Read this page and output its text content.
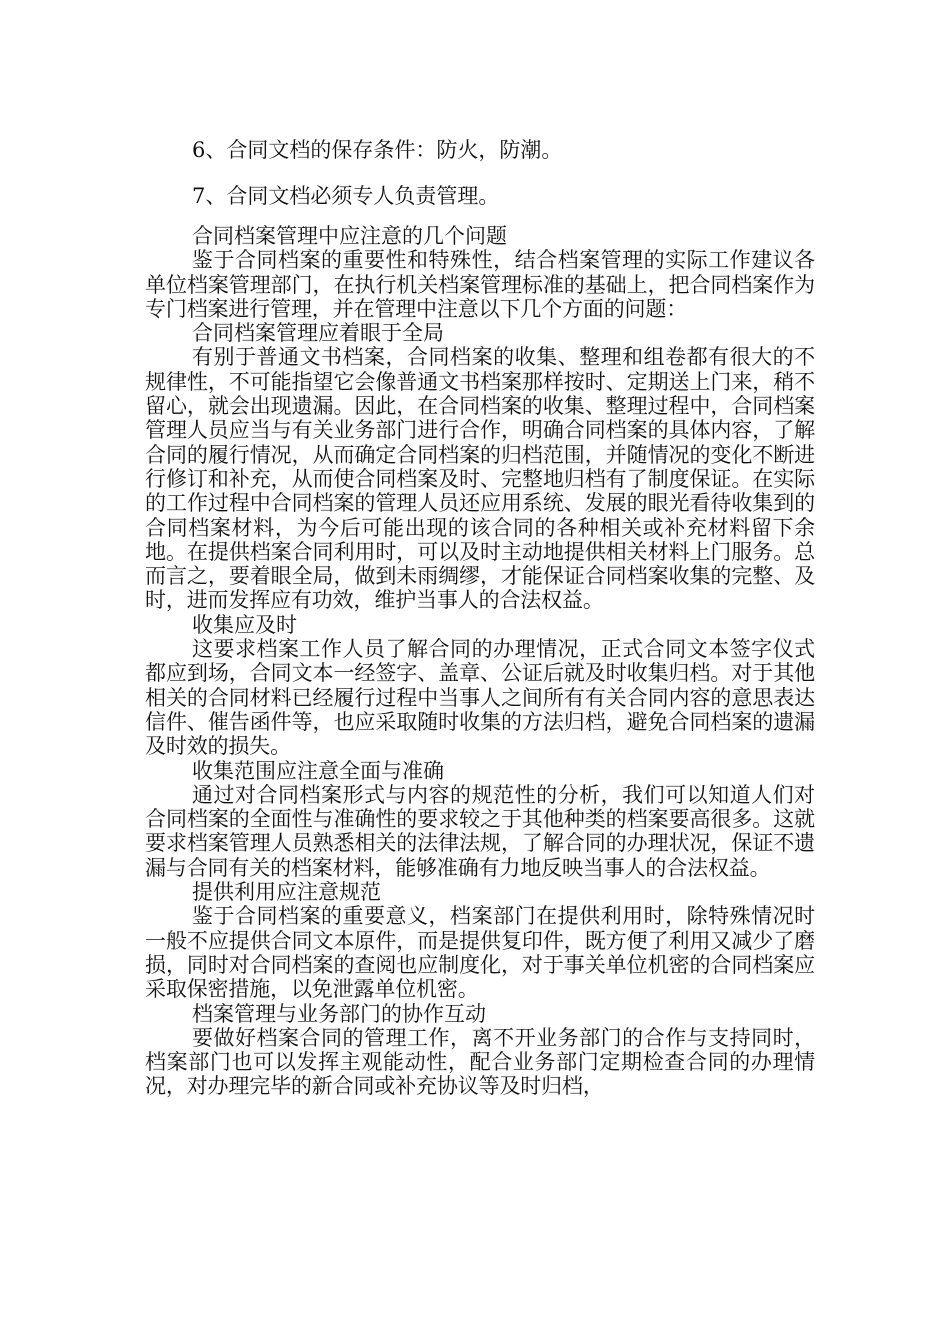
6、合同文档的保存条件：防火，防潮。
7、合同文档必须专人负责管理。
合同档案管理中应注意的几个问题

鉴于合同档案的重要性和特殊性，结合档案管理的实际工作建议各单位档案管理部门，在执行机关档案管理标准的基础上，把合同档案作为专门档案进行管理，并在管理中注意以下几个方面的问题：

合同档案管理应着眼于全局

有别于普通文书档案，合同档案的收集、整理和组卷都有很大的不规律性，不可能指望它会像普通文书档案那样按时、定期送上门来，稍不留心，就会出现遗漏。因此，在合同档案的收集、整理过程中，合同档案管理人员应当与有关业务部门进行合作，明确合同档案的具体内容，了解合同的履行情况，从而确定合同档案的归档范围，并随情况的变化不断进行修订和补充，从而使合同档案及时、完整地归档有了制度保证。在实际的工作过程中合同档案的管理人员还应用系统、发展的眼光看待收集到的合同档案材料，为今后可能出现的该合同的各种相关或补充材料留下余地。在提供档案合同利用时，可以及时主动地提供相关材料上门服务。总而言之，要着眼全局，做到未雨绸缪，才能保证合同档案收集的完整、及时，进而发挥应有功效，维护当事人的合法权益。

收集应及时

这要求档案工作人员了解合同的办理情况，正式合同文本签字仪式都应到场，合同文本一经签字、盖章、公证后就及时收集归档。对于其他相关的合同材料已经履行过程中当事人之间所有有关合同内容的意思表达信件、催告函件等，也应采取随时收集的方法归档，避免合同档案的遗漏及时效的损失。

收集范围应注意全面与准确

通过对合同档案形式与内容的规范性的分析，我们可以知道人们对合同档案的全面性与准确性的要求较之于其他种类的档案要高很多。这就要求档案管理人员熟悉相关的法律法规，了解合同的办理状况，保证不遗漏与合同有关的档案材料，能够准确有力地反映当事人的合法权益。

提供利用应注意规范

鉴于合同档案的重要意义，档案部门在提供利用时，除特殊情况时一般不应提供合同文本原件，而是提供复印件，既方便了利用又减少了磨损，同时对合同档案的查阅也应制度化，对于事关单位机密的合同档案应采取保密措施，以免泄露单位机密。

档案管理与业务部门的协作互动

要做好档案合同的管理工作，离不开业务部门的合作与支持同时，档案部门也可以发挥主观能动性，配合业务部门定期检查合同的办理情况，对办理完毕的新合同或补充协议等及时归档，
